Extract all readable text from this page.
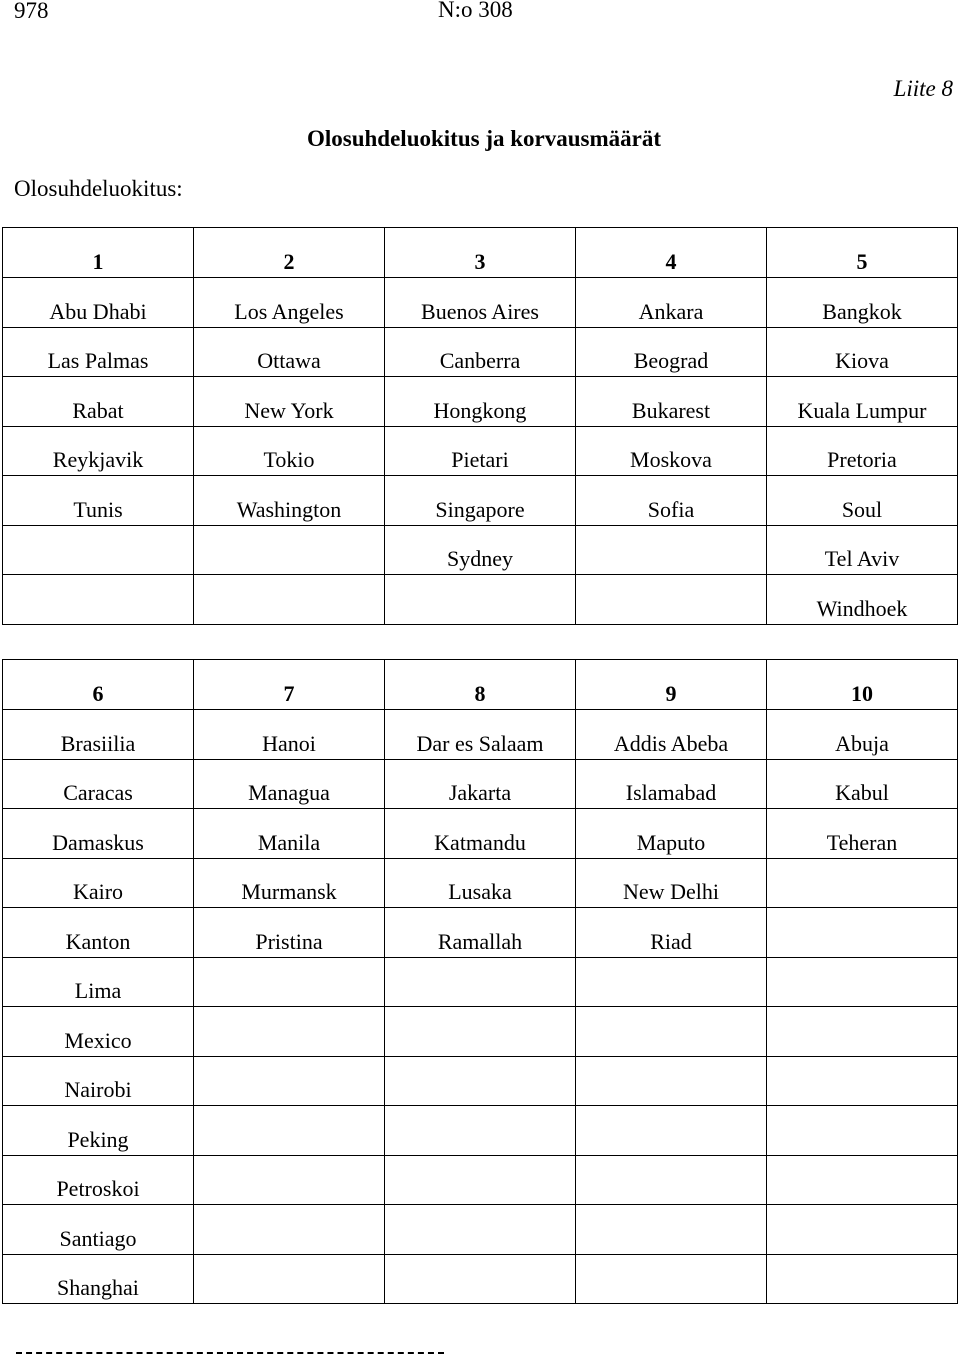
978	N:o 308
Liite 8
Olosuhdeluokitus ja korvausmäärät
Olosuhdeluokitus:
1	2	3	4	5
Abu Dhabi	Los Angeles	Buenos Aires	Ankara	Bangkok
Las Palmas	Ottawa	Canberra	Beograd	Kiova
Rabat	New York	Hongkong	Bukarest	Kuala Lumpur
Reykjavik	Tokio	Pietari	Moskova	Pretoria
Tunis	Washington	Singapore	Sofia	Soul
		Sydney		Tel Aviv
				Windhoek
6	7	8	9	10
Brasiilia	Hanoi	Dar es Salaam	Addis Abeba	Abuja
Caracas	Managua	Jakarta	Islamabad	Kabul
Damaskus	Manila	Katmandu	Maputo	Teheran
Kairo	Murmansk	Lusaka	New Delhi	
Kanton	Pristina	Ramallah	Riad	
Lima				
Mexico				
Nairobi				
Peking				
Petroskoi				
Santiago				
Shanghai				
